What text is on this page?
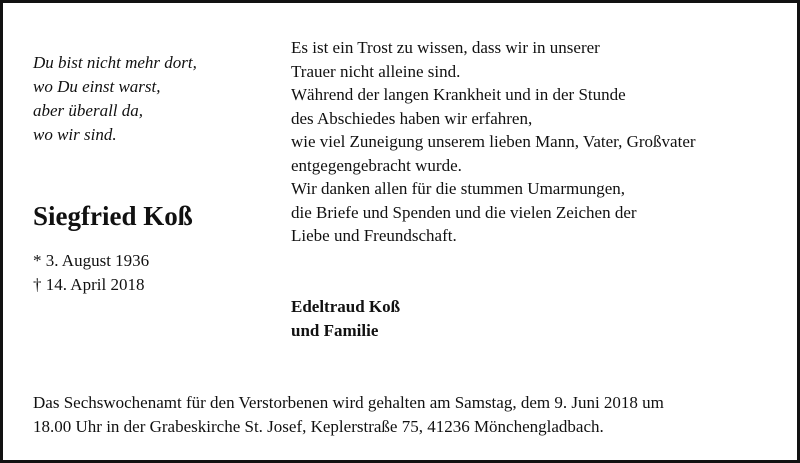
Du bist nicht mehr dort,
wo Du einst warst,
aber überall da,
wo wir sind.
Siegfried Koß
* 3. August 1936
† 14. April 2018
Es ist ein Trost zu wissen, dass wir in unserer
Trauer nicht alleine sind.
Während der langen Krankheit und in der Stunde
des Abschiedes haben wir erfahren,
wie viel Zuneigung unserem lieben Mann, Vater, Großvater
entgegengebracht wurde.
Wir danken allen für die stummen Umarmungen,
die Briefe und Spenden und die vielen Zeichen der
Liebe und Freundschaft.
Edeltraud Koß
und Familie
Das Sechswochenamt für den Verstorbenen wird gehalten am Samstag, dem 9. Juni 2018 um
18.00 Uhr in der Grabeskirche St. Josef, Keplerstraße 75, 41236 Mönchengladbach.
